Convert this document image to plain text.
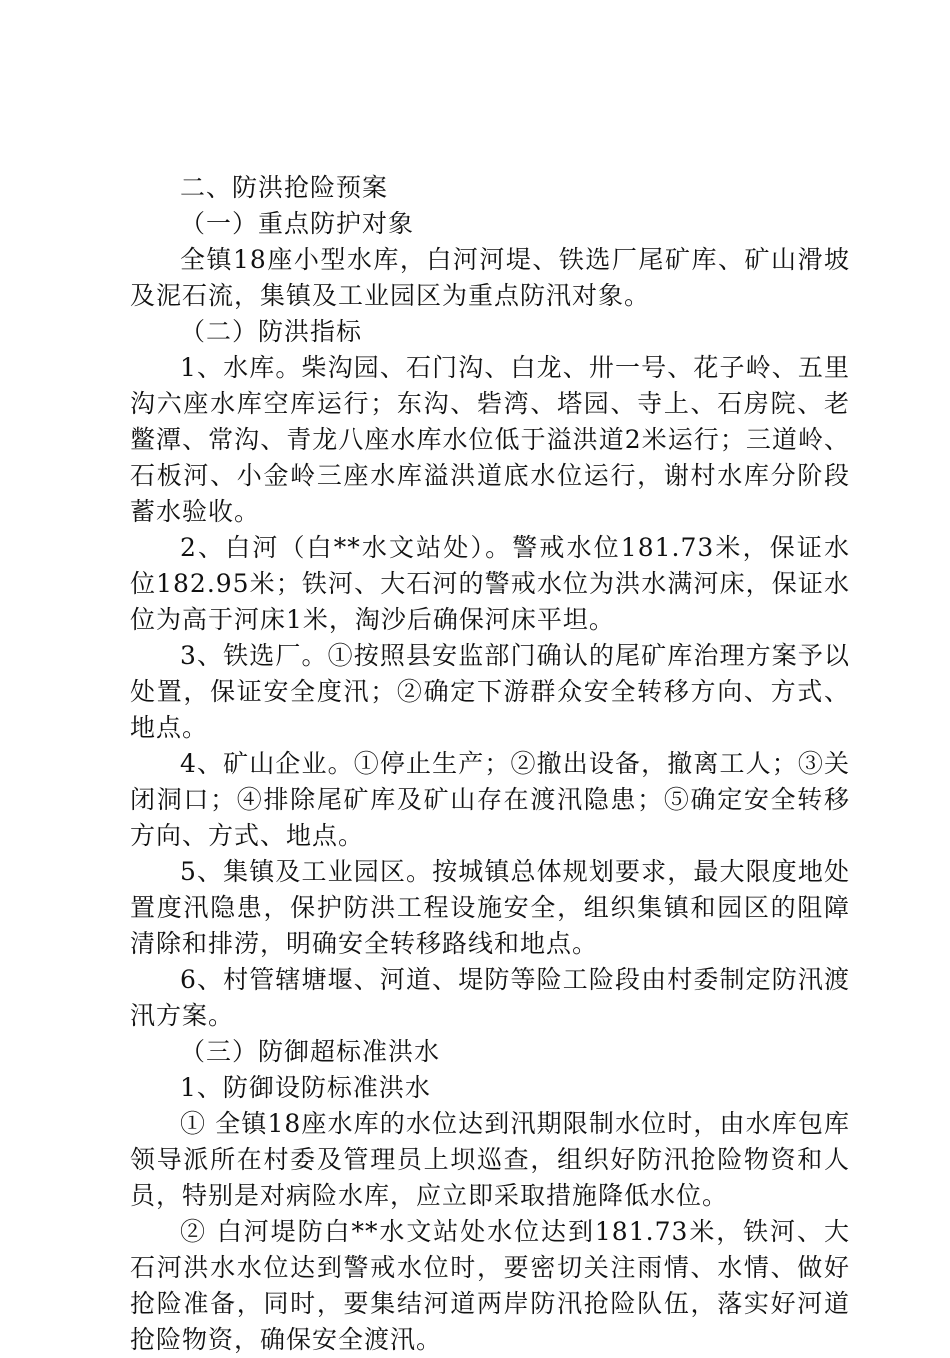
二、防洪抢险预案

（一）重点防护对象

全镇18座小型水库，白河河堤、铁选厂尾矿库、矿山滑坡及泥石流，集镇及工业园区为重点防汛对象。

（二）防洪指标

1、水库。柴沟园、石门沟、白龙、卅一号、花子岭、五里沟六座水库空库运行；东沟、砦湾、塔园、寺上、石房院、老鳖潭、常沟、青龙八座水库水位低于溢洪道2米运行；三道岭、石板河、小金岭三座水库溢洪道底水位运行，谢村水库分阶段蓄水验收。

2、白河（白**水文站处）。警戒水位181.73米，保证水位182.95米；铁河、大石河的警戒水位为洪水满河床，保证水位为高于河床1米，淘沙后确保河床平坦。

3、铁选厂。①按照县安监部门确认的尾矿库治理方案予以处置，保证安全度汛；②确定下游群众安全转移方向、方式、地点。

4、矿山企业。①停止生产；②撤出设备，撤离工人；③关闭洞口；④排除尾矿库及矿山存在渡汛隐患；⑤确定安全转移方向、方式、地点。

5、集镇及工业园区。按城镇总体规划要求，最大限度地处置度汛隐患，保护防洪工程设施安全，组织集镇和园区的阻障清除和排涝，明确安全转移路线和地点。

6、村管辖塘堰、河道、堤防等险工险段由村委制定防汛渡汛方案。

（三）防御超标准洪水

1、防御设防标准洪水

① 全镇18座水库的水位达到汛期限制水位时，由水库包库领导派所在村委及管理员上坝巡查，组织好防汛抢险物资和人员，特别是对病险水库，应立即采取措施降低水位。

② 白河堤防白**水文站处水位达到181.73米，铁河、大石河洪水水位达到警戒水位时，要密切关注雨情、水情、做好抢险准备，同时，要集结河道两岸防汛抢险队伍，落实好河道抢险物资，确保安全渡汛。
